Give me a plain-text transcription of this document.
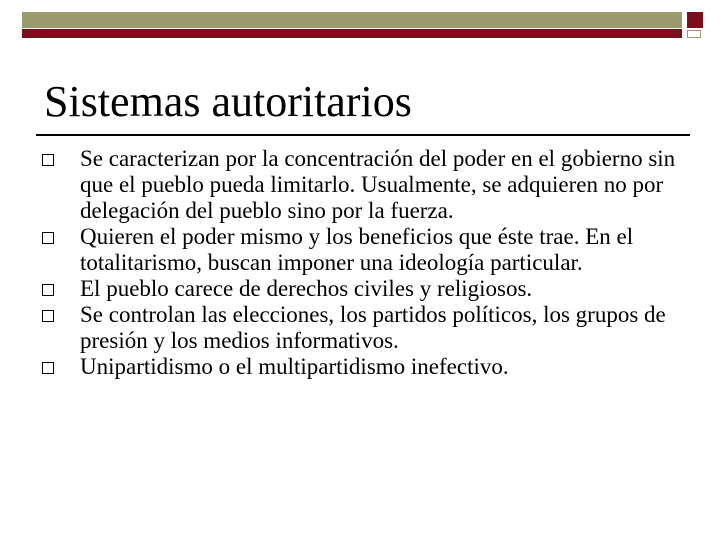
Sistemas autoritarios
Se caracterizan por la concentración del poder en el gobierno sin que el pueblo pueda limitarlo. Usualmente, se adquieren no por delegación del pueblo sino por la fuerza.
Quieren el poder mismo y los beneficios que éste trae. En el totalitarismo, buscan imponer una ideología particular.
El pueblo carece de derechos civiles y religiosos.
Se controlan las elecciones, los partidos políticos, los grupos de presión y los medios informativos.
Unipartidismo o el multipartidismo inefectivo.
